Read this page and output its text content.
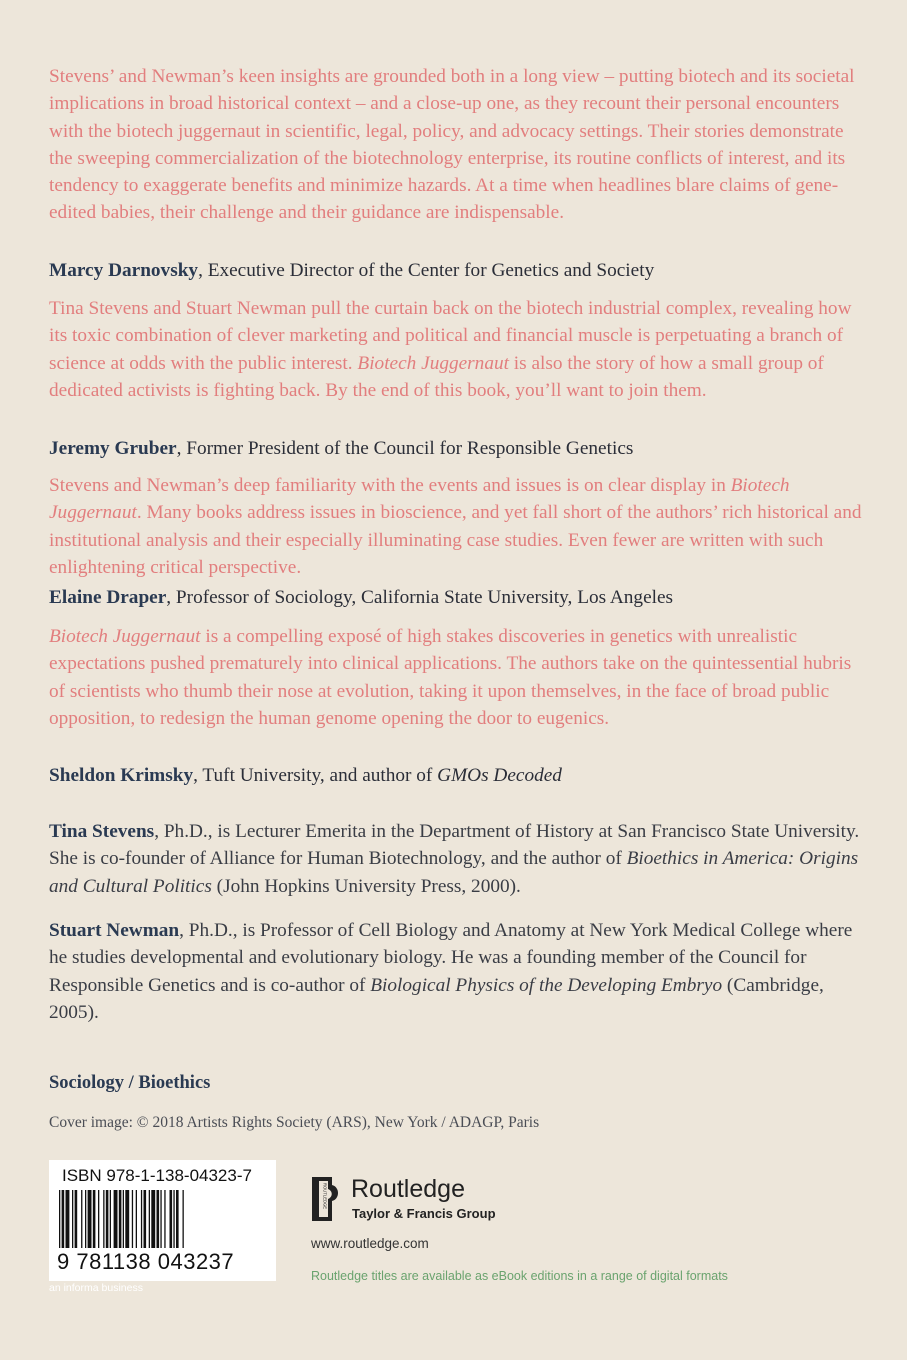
Stevens’ and Newman’s keen insights are grounded both in a long view – putting biotech and its societal implications in broad historical context – and a close-up one, as they recount their personal encounters with the biotech juggernaut in scientific, legal, policy, and advocacy settings. Their stories demonstrate the sweeping commercialization of the biotechnology enterprise, its routine conflicts of interest, and its tendency to exaggerate benefits and minimize hazards. At a time when headlines blare claims of gene-edited babies, their challenge and their guidance are indispensable.

Marcy Darnovsky, Executive Director of the Center for Genetics and Society

Tina Stevens and Stuart Newman pull the curtain back on the biotech industrial complex, revealing how its toxic combination of clever marketing and political and financial muscle is perpetuating a branch of science at odds with the public interest. Biotech Juggernaut is also the story of how a small group of dedicated activists is fighting back. By the end of this book, you’ll want to join them.

Jeremy Gruber, Former President of the Council for Responsible Genetics

Stevens and Newman’s deep familiarity with the events and issues is on clear display in Biotech Juggernaut. Many books address issues in bioscience, and yet fall short of the authors’ rich historical and institutional analysis and their especially illuminating case studies. Even fewer are written with such enlightening critical perspective.

Elaine Draper, Professor of Sociology, California State University, Los Angeles

Biotech Juggernaut is a compelling exposé of high stakes discoveries in genetics with unrealistic expectations pushed prematurely into clinical applications. The authors take on the quintessential hubris of scientists who thumb their nose at evolution, taking it upon themselves, in the face of broad public opposition, to redesign the human genome opening the door to eugenics.

Sheldon Krimsky, Tuft University, and author of GMOs Decoded

Tina Stevens, Ph.D., is Lecturer Emerita in the Department of History at San Francisco State University. She is co-founder of Alliance for Human Biotechnology, and the author of Bioethics in America: Origins and Cultural Politics (John Hopkins University Press, 2000).

Stuart Newman, Ph.D., is Professor of Cell Biology and Anatomy at New York Medical College where he studies developmental and evolutionary biology. He was a founding member of the Council for Responsible Genetics and is co-author of Biological Physics of the Developing Embryo (Cambridge, 2005).

Sociology / Bioethics
Cover image: © 2018 Artists Rights Society (ARS), New York / ADAGP, Paris
ISBN 978-1-138-04323-7
9 781138 043237
an informa business
ROUTLEDGE Routledge
Taylor & Francis Group
www.routledge.com
Routledge titles are available as eBook editions in a range of digital formats
